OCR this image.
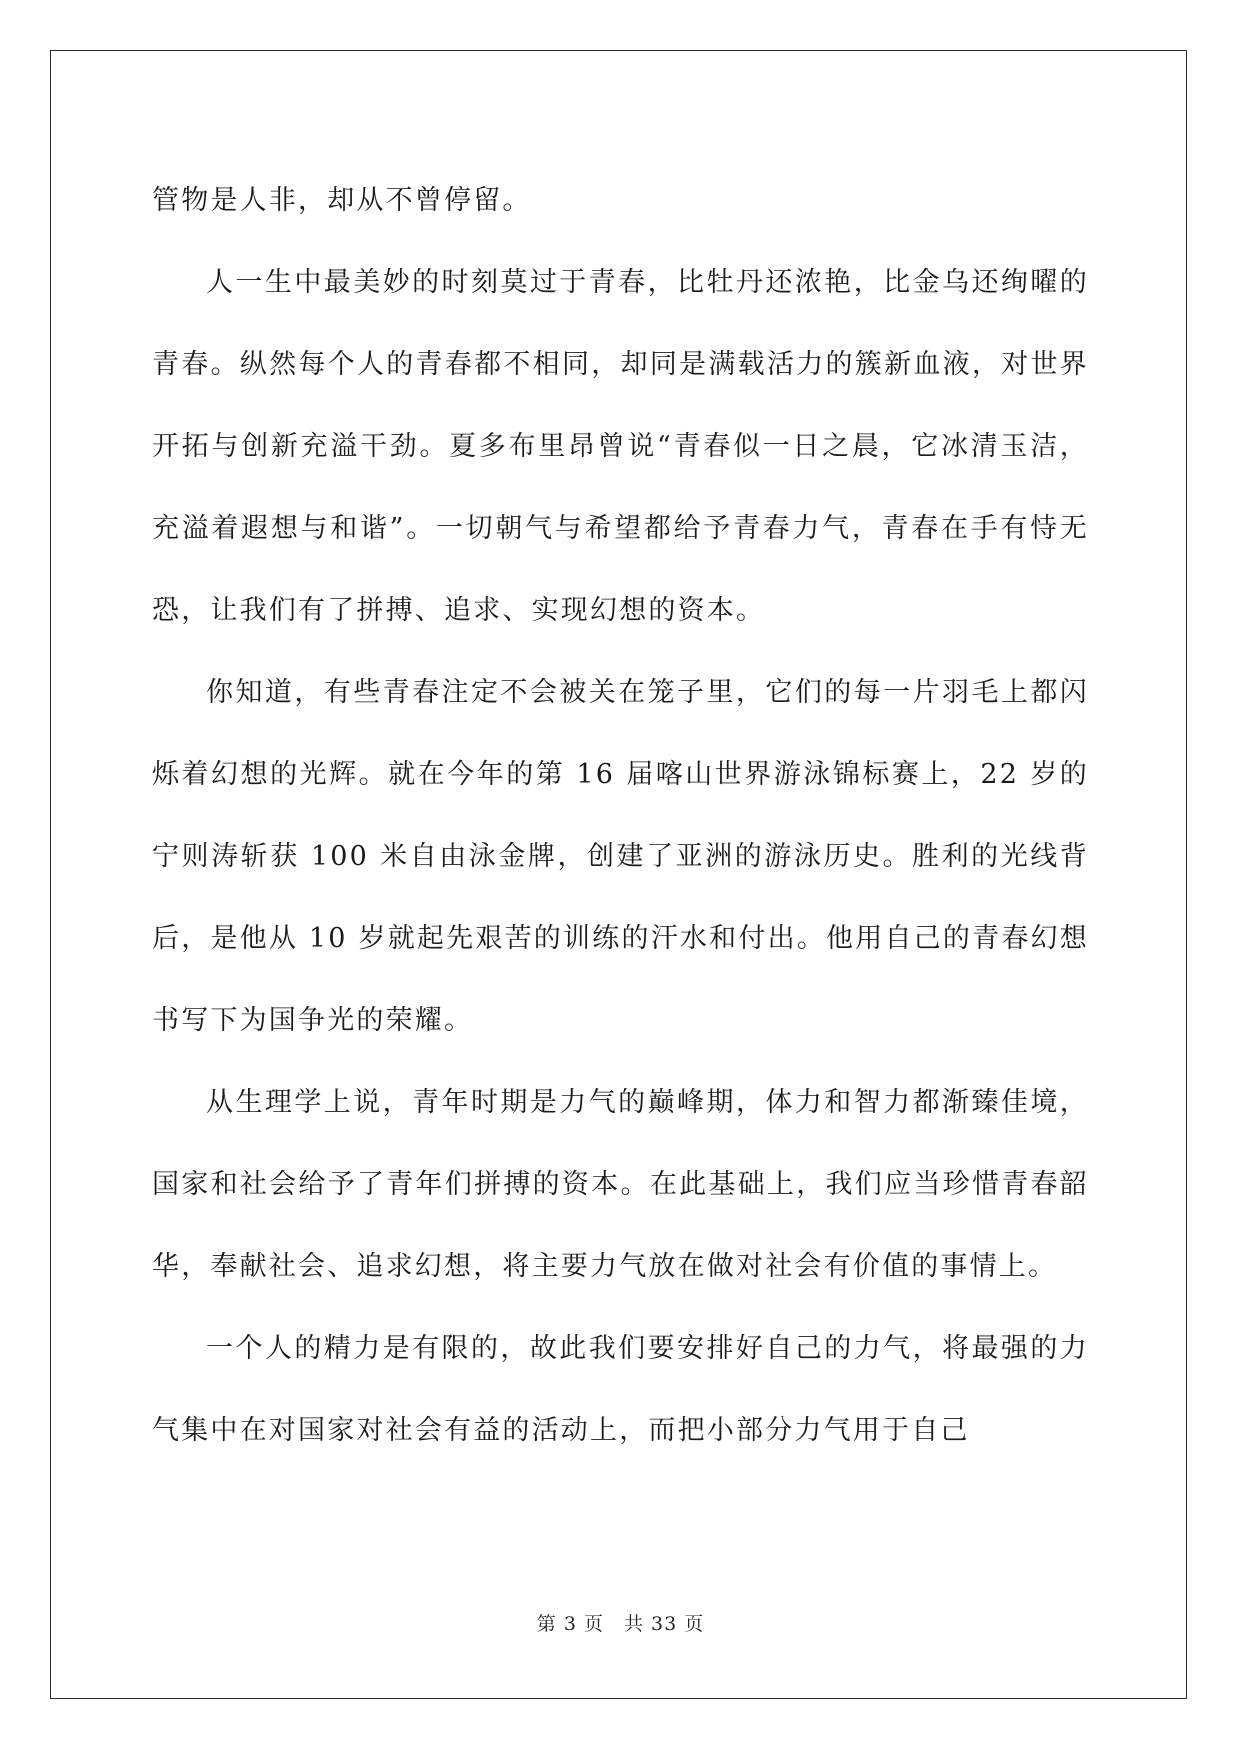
管物是人非，却从不曾停留。

人一生中最美妙的时刻莫过于青春，比牡丹还浓艳，比金乌还绚曜的青春。纵然每个人的青春都不相同，却同是满载活力的簇新血液，对世界开拓与创新充溢干劲。夏多布里昂曾说“青春似一日之晨，它冰清玉洁，充溢着遐想与和谐”。一切朝气与希望都给予青春力气，青春在手有恃无恐，让我们有了拼搏、追求、实现幻想的资本。

你知道，有些青春注定不会被关在笼子里，它们的每一片羽毛上都闪烁着幻想的光辉。就在今年的第 16 届喀山世界游泳锦标赛上，22 岁的宁则涛斩获 100 米自由泳金牌，创建了亚洲的游泳历史。胜利的光线背后，是他从 10 岁就起先艰苦的训练的汗水和付出。他用自己的青春幻想书写下为国争光的荣耀。

从生理学上说，青年时期是力气的巅峰期，体力和智力都渐臻佳境，国家和社会给予了青年们拼搏的资本。在此基础上，我们应当珍惜青春韶华，奉献社会、追求幻想，将主要力气放在做对社会有价值的事情上。

一个人的精力是有限的，故此我们要安排好自己的力气，将最强的力气集中在对国家对社会有益的活动上，而把小部分力气用于自己

第 3 页　共 33 页
